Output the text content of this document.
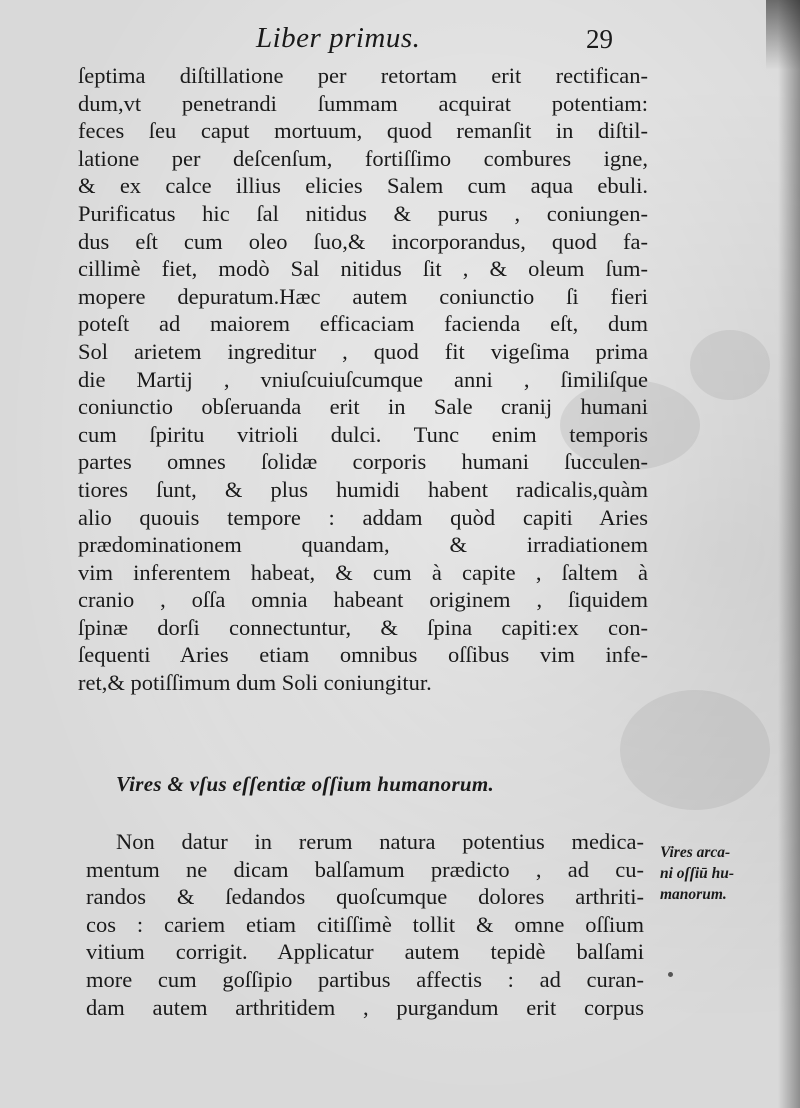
Liber primus.	29
ſeptima diſtillatione per retortam erit rectifican-
dum,vt penetrandi ſummam acquirat potentiam:
feces ſeu caput mortuum, quod remanſit in diſtil-
latione per deſcenſum, fortiſſimo combures igne,
& ex calce illius elicies Salem cum aqua ebuli.
Purificatus hic ſal nitidus & purus , coniungen-
dus eſt cum oleo ſuo,& incorporandus, quod fa-
cillimè fiet, modò Sal nitidus ſit , & oleum ſum-
mopere depuratum.Hæc autem coniunctio ſi fieri
poteſt ad maiorem efficaciam facienda eſt, dum
Sol arietem ingreditur , quod fit vigeſima prima
die Martij , vniuſcuiuſcumque anni , ſimiliſque
coniunctio obſeruanda erit in Sale cranij humani
cum ſpiritu vitrioli dulci. Tunc enim temporis
partes omnes ſolidæ corporis humani ſucculen-
tiores ſunt, & plus humidi habent radicalis,quàm
alio quouis tempore : addam quòd capiti Aries
prædominationem quandam, & irradiationem
vim inferentem habeat, & cum à capite , ſaltem à
cranio , oſſa omnia habeant originem , ſiquidem
ſpinæ dorſi connectuntur, & ſpina capiti:ex con-
ſequenti Aries etiam omnibus oſſibus vim infe-
ret,& potiſſimum dum Soli coniungitur.
Vires & vſus eſſentiæ oſſium humanorum.
Non datur in rerum natura potentius medica-
mentum ne dicam balſamum prædicto , ad cu-
randos & ſedandos quoſcumque dolores arthriti-
cos : cariem etiam citiſſimè tollit & omne oſſium
vitium corrigit. Applicatur autem tepidè balſami
more cum goſſipio partibus affectis : ad curan-
dam autem arthritidem , purgandum erit corpus
Vires arca-
ni oſſiū hu-
manorum.
